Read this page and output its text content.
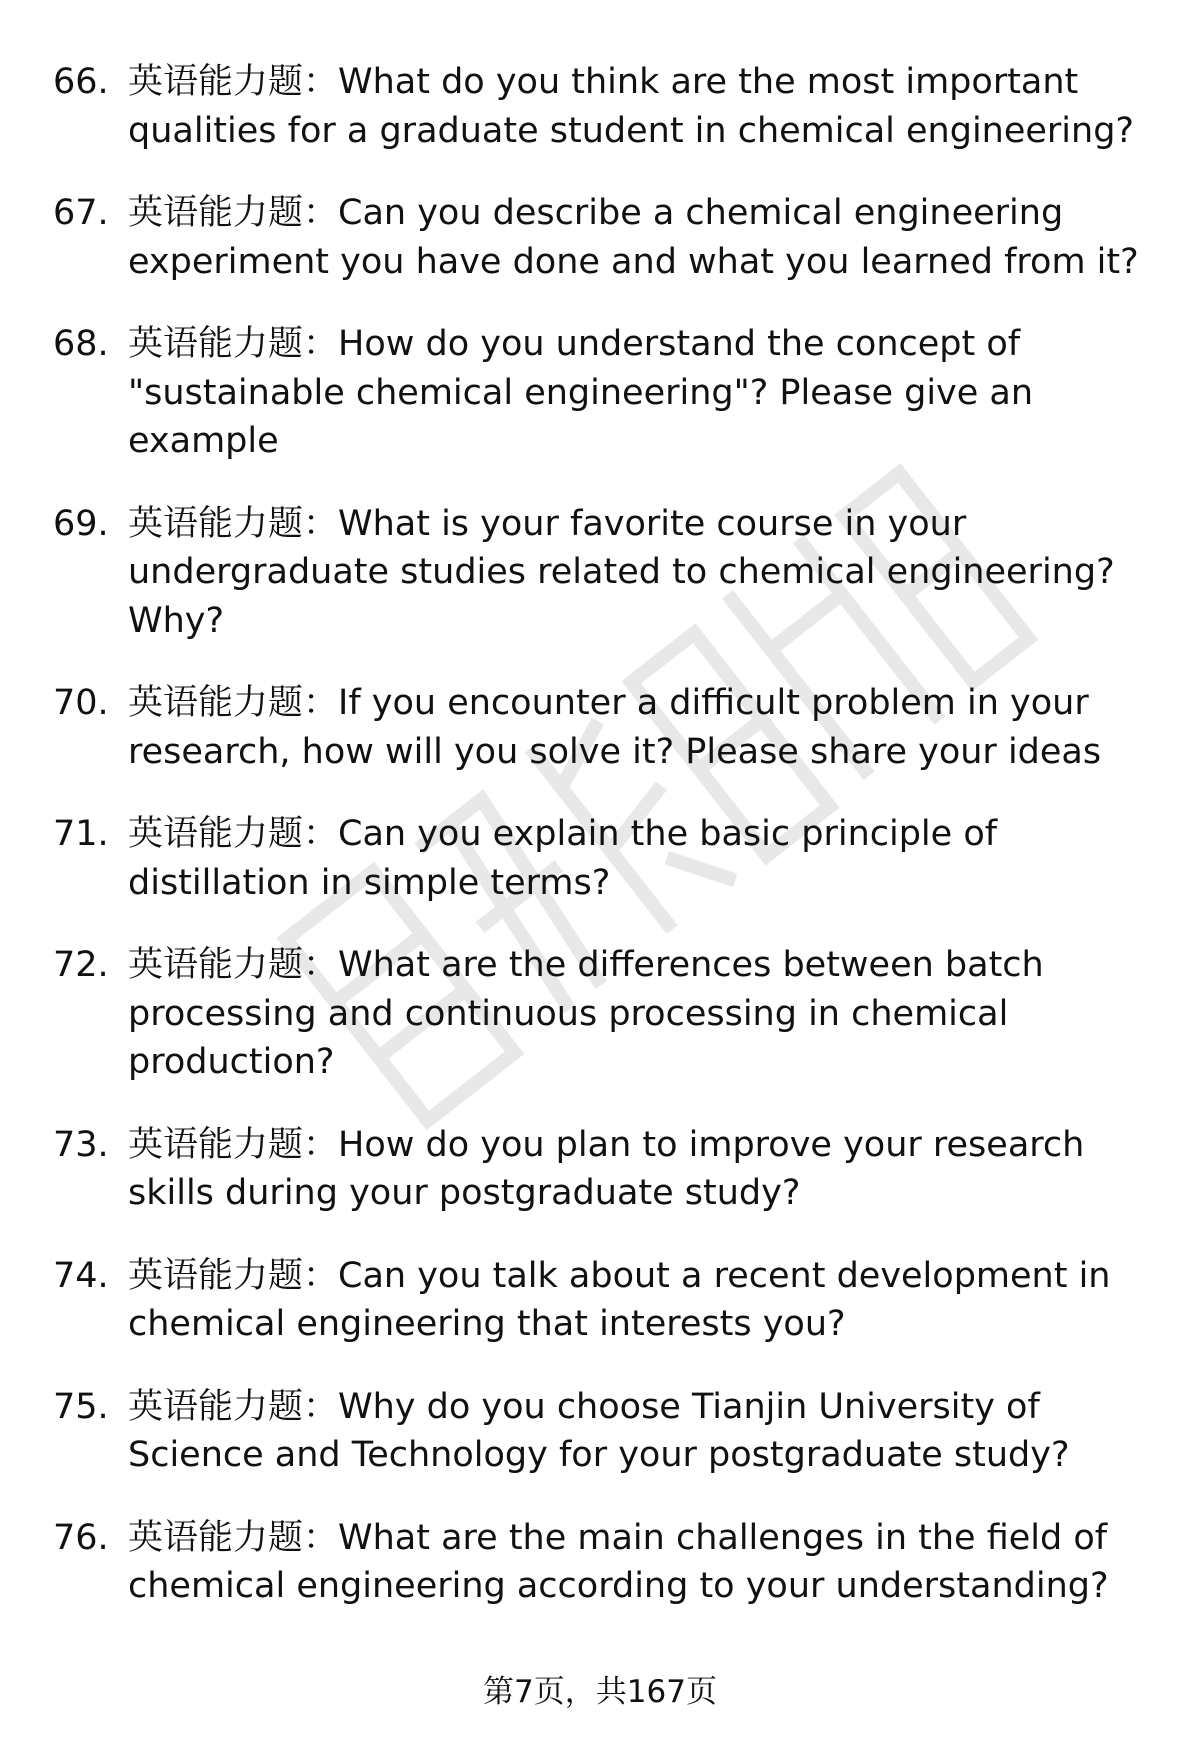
66. 英语能力题：What do you think are the most important qualities for a graduate student in chemical engineering?
67. 英语能力题：Can you describe a chemical engineering experiment you have done and what you learned from it?
68. 英语能力题：How do you understand the concept of "sustainable chemical engineering"? Please give an example
69. 英语能力题：What is your favorite course in your undergraduate studies related to chemical engineering? Why?
70. 英语能力题：If you encounter a difficult problem in your research, how will you solve it? Please share your ideas
71. 英语能力题：Can you explain the basic principle of distillation in simple terms?
72. 英语能力题：What are the differences between batch processing and continuous processing in chemical production?
73. 英语能力题：How do you plan to improve your research skills during your postgraduate study?
74. 英语能力题：Can you talk about a recent development in chemical engineering that interests you?
75. 英语能力题：Why do you choose Tianjin University of Science and Technology for your postgraduate study?
76. 英语能力题：What are the main challenges in the field of chemical engineering according to your understanding?
第7页，共167页
